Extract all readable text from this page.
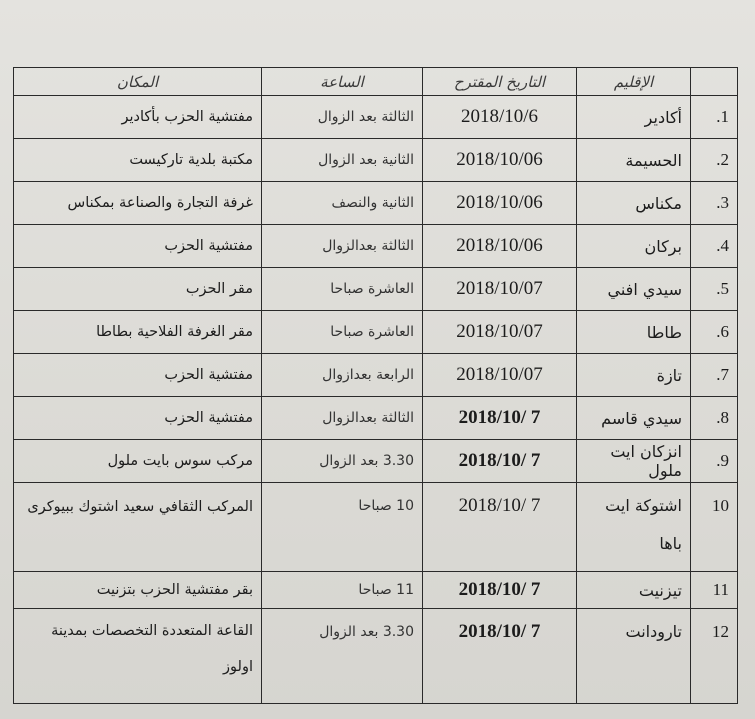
	الإقليم	التاريخ المقترح	الساعة	المكان
.1	أكادير	2018/10/6	الثالثة بعد الزوال	مفتشية الحزب بأكادير
.2	الحسيمة	2018/10/06	الثانية بعد الزوال	مكتبة بلدية تاركيست
.3	مكناس	2018/10/06	الثانية والنصف	غرفة التجارة والصناعة بمكناس
.4	بركان	2018/10/06	الثالثة بعدالزوال	مفتشية الحزب
.5	سيدي افني	2018/10/07	العاشرة صباحا	مقر الحزب
.6	طاطا	2018/10/07	العاشرة صباحا	مقر الغرفة الفلاحية بطاطا
.7	تازة	2018/10/07	الرابعة بعدازوال	مفتشية الحزب
.8	سيدي قاسم	2018/10/ 7	الثالثة بعدالزوال	مفتشية الحزب
.9	انزكان ايت ملول	2018/10/ 7	3.30 بعد الزوال	مركب سوس بايت ملول
10	اشتوكة ايت باها	2018/10/ 7	10 صباحا	المركب الثقافي سعيد اشتوك ببيوكرى
11	تيزنيت	2018/10/ 7	11 صباحا	بقر مفتشية الحزب بتزنيت
12	تارودانت	2018/10/ 7	3.30 بعد الزوال	القاعة المتعددة التخصصات بمدينة اولوز
